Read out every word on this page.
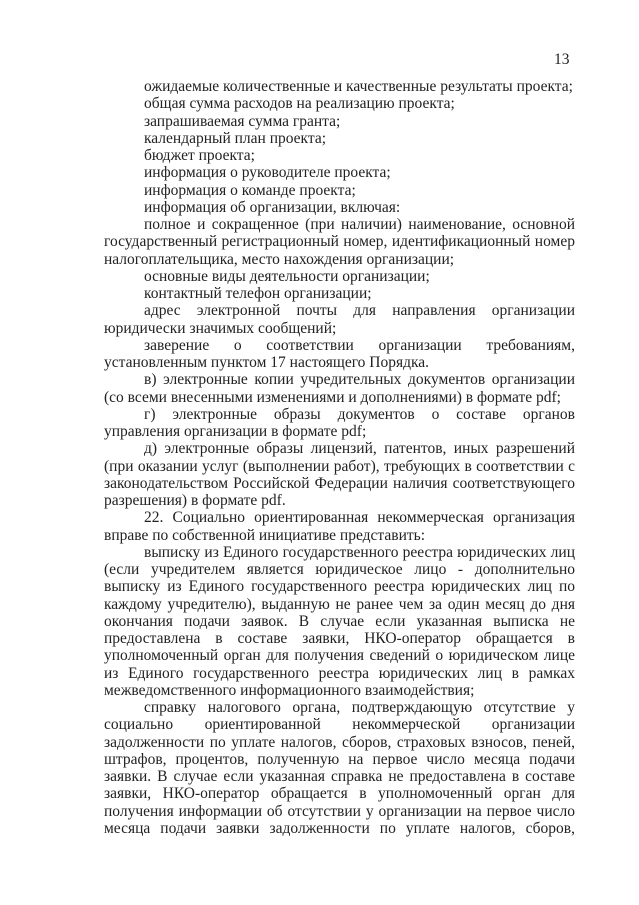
13

ожидаемые количественные и качественные результаты проекта;

общая сумма расходов на реализацию проекта;

запрашиваемая сумма гранта;

календарный план проекта;

бюджет проекта;

информация о руководителе проекта;

информация о команде проекта;

информация об организации, включая:

полное и сокращенное (при наличии) наименование, основной государственный регистрационный номер, идентификационный номер налогоплательщика, место нахождения организации;

основные виды деятельности организации;

контактный телефон организации;

адрес электронной почты для направления организации юридически значимых сообщений;

заверение о соответствии организации требованиям, установленным пунктом 17 настоящего Порядка.

в) электронные копии учредительных документов организации (со всеми внесенными изменениями и дополнениями) в формате pdf;

г) электронные образы документов о составе органов управления организации в формате pdf;

д) электронные образы лицензий, патентов, иных разрешений (при оказании услуг (выполнении работ), требующих в соответствии с законодательством Российской Федерации наличия соответствующего разрешения) в формате pdf.

22. Социально ориентированная некоммерческая организация вправе по собственной инициативе представить:

выписку из Единого государственного реестра юридических лиц (если учредителем является юридическое лицо - дополнительно выписку из Единого государственного реестра юридических лиц по каждому учредителю), выданную не ранее чем за один месяц до дня окончания подачи заявок. В случае если указанная выписка не предоставлена в составе заявки, НКО-оператор обращается в уполномоченный орган для получения сведений о юридическом лице из Единого государственного реестра юридических лиц в рамках межведомственного информационного взаимодействия;

справку налогового органа, подтверждающую отсутствие у социально ориентированной некоммерческой организации задолженности по уплате налогов, сборов, страховых взносов, пеней, штрафов, процентов, полученную на первое число месяца подачи заявки. В случае если указанная справка не предоставлена в составе заявки, НКО-оператор обращается в уполномоченный орган для получения информации об отсутствии у организации на первое число месяца подачи заявки задолженности по уплате налогов, сборов,
